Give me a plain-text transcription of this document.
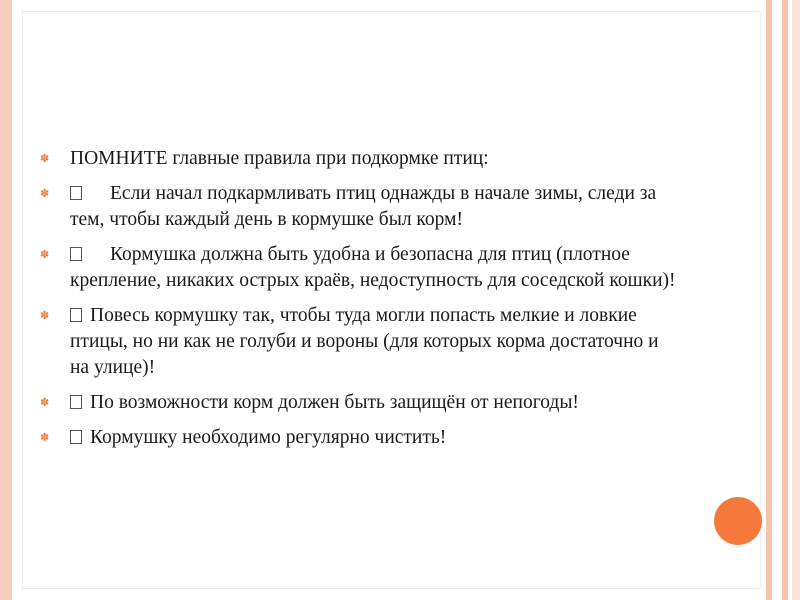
✽ ПОМНИТЕ главные правила при подкормке птиц:
✽	Если начал подкармливать птиц однажды в начале зимы, следи за тем, чтобы каждый день в кормушке был корм!
✽	Кормушка должна быть удобна и безопасна для птиц (плотное крепление, никаких острых краёв, недоступность для соседской кошки)!
✽ Повесь кормушку так, чтобы туда могли попасть мелкие и ловкие птицы, но ни как не голуби и вороны (для которых корма достаточно и на улице)!
✽ По возможности корм должен быть защищён от непогоды!
✽ Кормушку необходимо регулярно чистить!
